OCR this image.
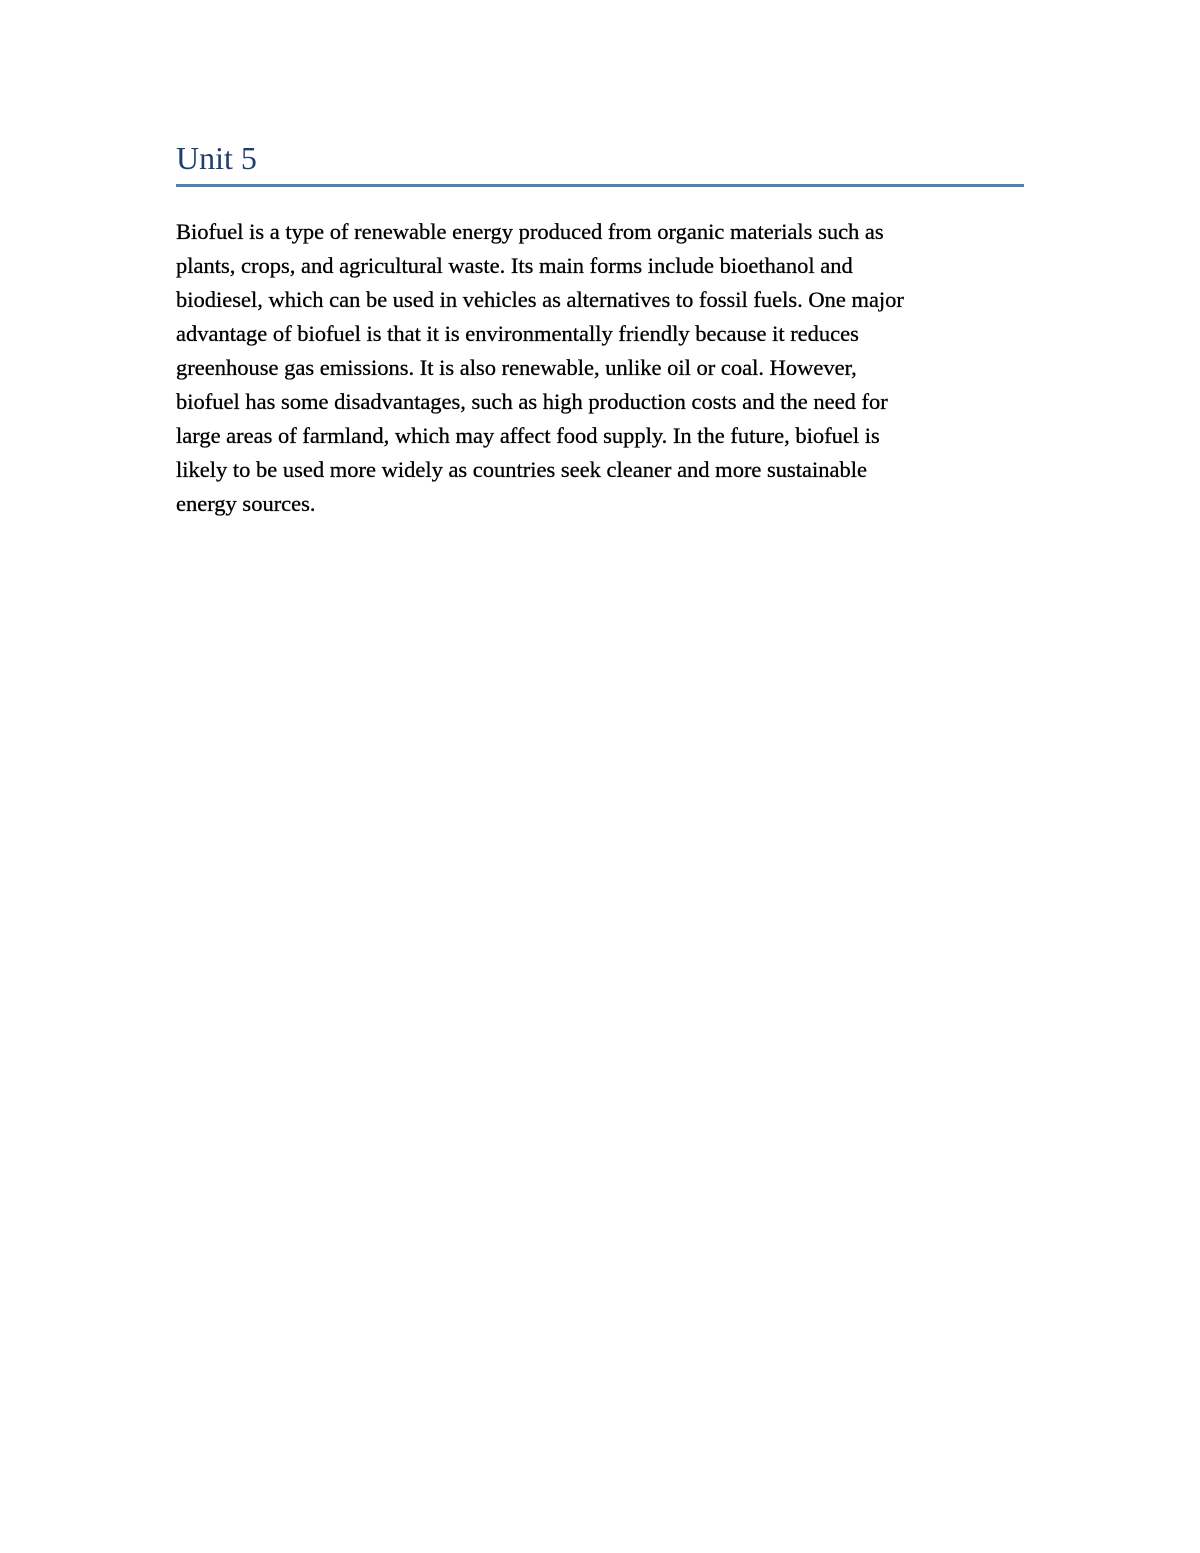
Unit 5

Biofuel is a type of renewable energy produced from organic materials such as
plants, crops, and agricultural waste. Its main forms include bioethanol and
biodiesel, which can be used in vehicles as alternatives to fossil fuels. One major
advantage of biofuel is that it is environmentally friendly because it reduces
greenhouse gas emissions. It is also renewable, unlike oil or coal. However,
biofuel has some disadvantages, such as high production costs and the need for
large areas of farmland, which may affect food supply. In the future, biofuel is
likely to be used more widely as countries seek cleaner and more sustainable
energy sources.
